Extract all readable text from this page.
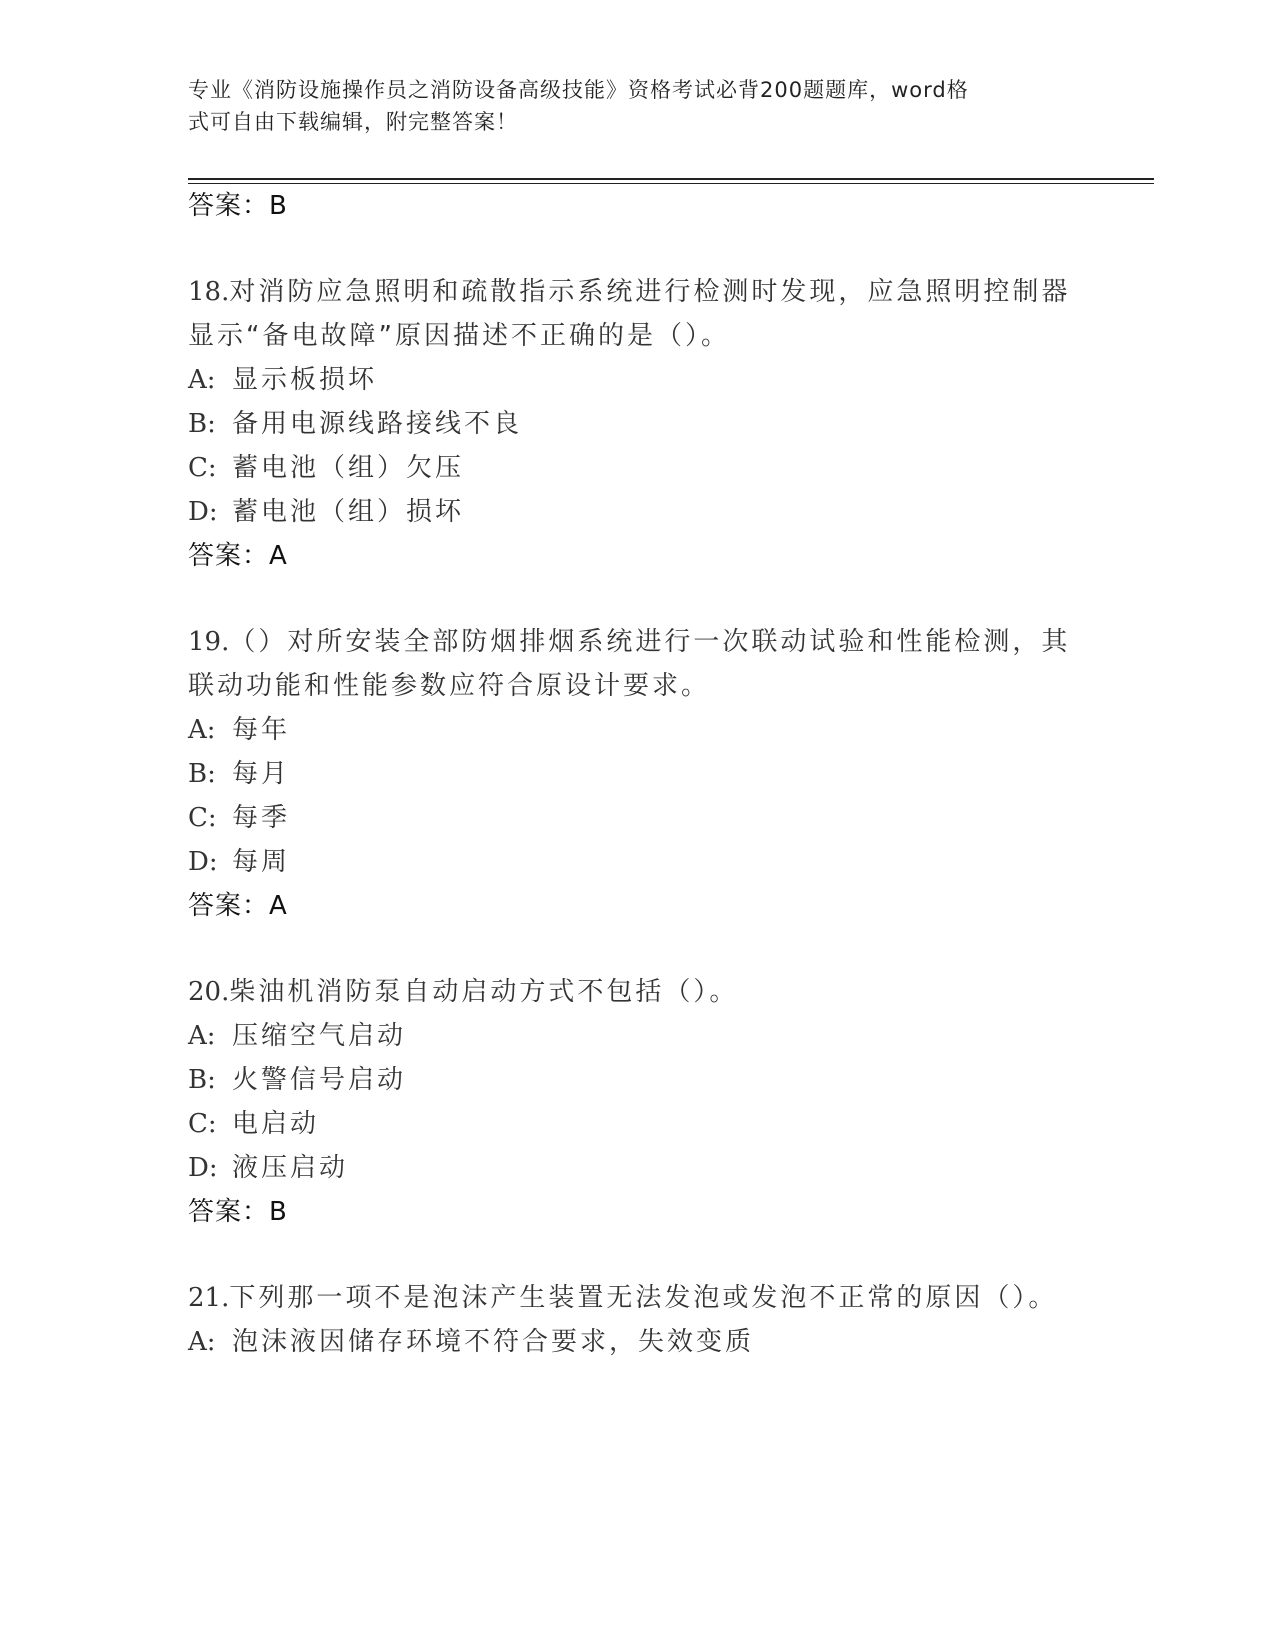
专业《消防设施操作员之消防设备高级技能》资格考试必背200题题库，word格
式可自由下载编辑，附完整答案！
答案：B
18.对消防应急照明和疏散指示系统进行检测时发现，应急照明控制器
显示“备电故障”原因描述不正确的是（）。
A: 显示板损坏
B: 备用电源线路接线不良
C: 蓄电池（组）欠压
D: 蓄电池（组）损坏
答案：A
19.（）对所安装全部防烟排烟系统进行一次联动试验和性能检测，其
联动功能和性能参数应符合原设计要求。
A: 每年
B: 每月
C: 每季
D: 每周
答案：A
20.柴油机消防泵自动启动方式不包括（）。
A: 压缩空气启动
B: 火警信号启动
C: 电启动
D: 液压启动
答案：B
21.下列那一项不是泡沫产生装置无法发泡或发泡不正常的原因（）。
A: 泡沫液因储存环境不符合要求，失效变质
